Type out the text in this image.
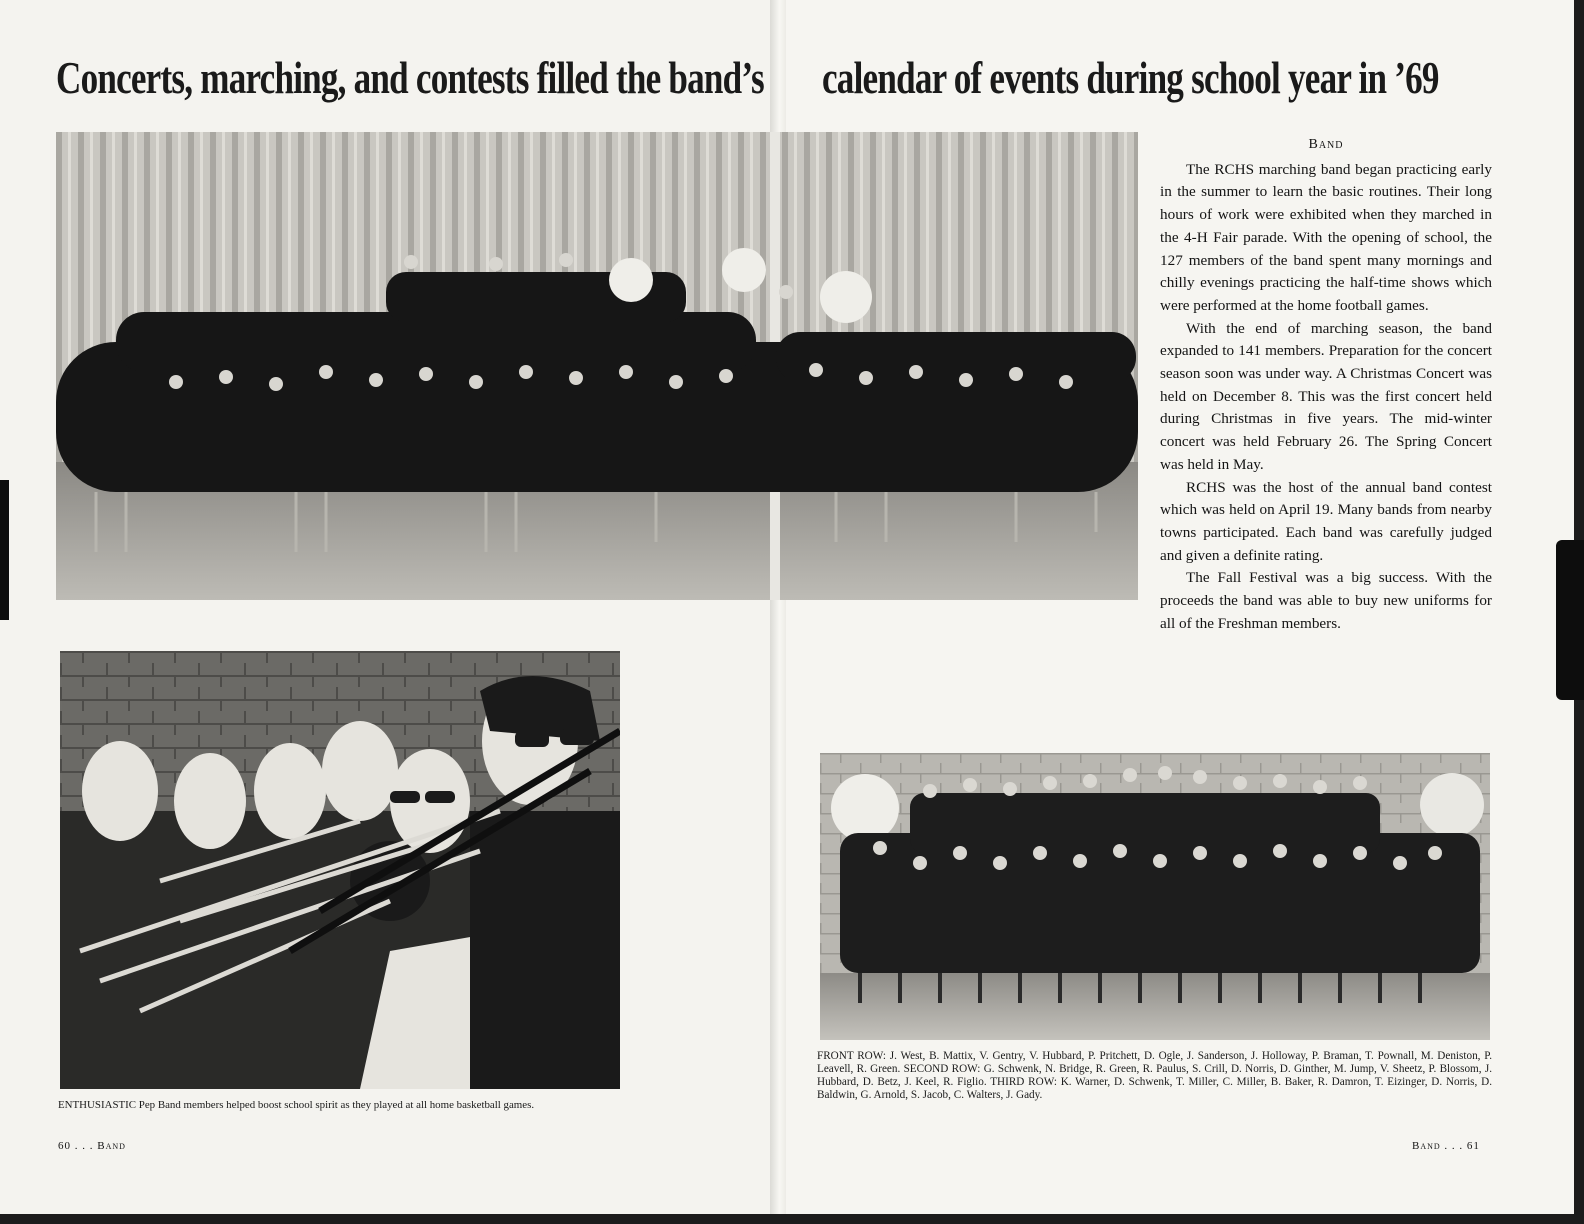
Concerts, marching, and contests filled the band’s calendar of events during school year in ’69
Band

The RCHS marching band began practicing early in the summer to learn the basic routines. Their long hours of work were exhibited when they marched in the 4-H Fair parade. With the opening of school, the 127 members of the band spent many mornings and chilly evenings practicing the half-time shows which were performed at the home football games.

With the end of marching season, the band expanded to 141 members. Preparation for the concert season soon was under way. A Christmas Concert was held on December 8. This was the first concert held during Christmas in five years. The mid-winter concert was held February 26. The Spring Concert was held in May.

RCHS was the host of the annual band contest which was held on April 19. Many bands from nearby towns participated. Each band was carefully judged and given a definite rating.

The Fall Festival was a big success. With the proceeds the band was able to buy new uniforms for all of the Freshman members.

ENTHUSIASTIC Pep Band members helped boost school spirit as they played at all home basketball games.
FRONT ROW: J. West, B. Mattix, V. Gentry, V. Hubbard, P. Pritchett, D. Ogle, J. Sanderson, J. Holloway, P. Braman, T. Pownall, M. Deniston, P. Leavell, R. Green. SECOND ROW: G. Schwenk, N. Bridge, R. Green, R. Paulus, S. Crill, D. Norris, D. Ginther, M. Jump, V. Sheetz, P. Blossom, J. Hubbard, D. Betz, J. Keel, R. Figlio. THIRD ROW: K. Warner, D. Schwenk, T. Miller, C. Miller, B. Baker, R. Damron, T. Eizinger, D. Norris, D. Baldwin, G. Arnold, S. Jacob, C. Walters, J. Gady.
60 . . . Band	Band . . . 61
